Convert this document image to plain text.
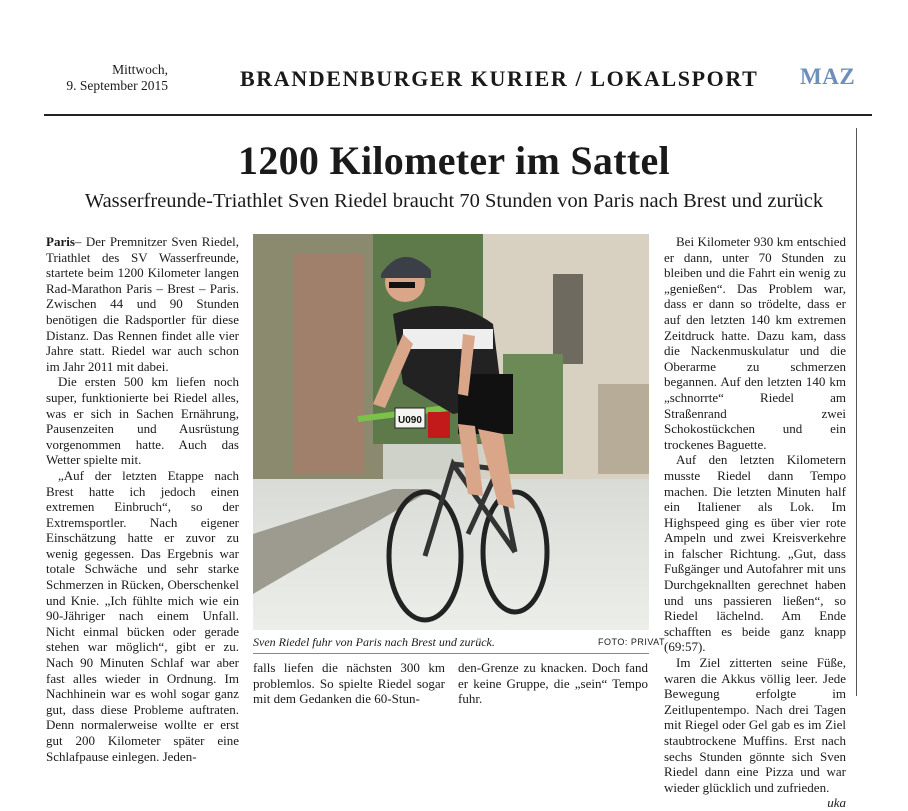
Mittwoch,
9. September 2015	BRANDENBURGER KURIER / LOKALSPORT MAZ
1200 Kilometer im Sattel
Wasserfreunde-Triathlet Sven Riedel braucht 70 Stunden von Paris nach Brest und zurück

Paris– Der Premnitzer Sven Riedel, Triathlet des SV Wasserfreunde, startete beim 1200 Kilometer langen Rad-Marathon Paris – Brest – Paris. Zwischen 44 und 90 Stunden benötigen die Radsportler für diese Distanz. Das Rennen findet alle vier Jahre statt. Riedel war auch schon im Jahr 2011 mit dabei.

Die ersten 500 km liefen noch super, funktionierte bei Riedel alles, was er sich in Sachen Ernährung, Pausenzeiten und Ausrüstung vorgenommen hatte. Auch das Wetter spielte mit.

„Auf der letzten Etappe nach Brest hatte ich jedoch einen extremen Einbruch“, so der Extremsportler. Nach eigener Einschätzung hatte er zuvor zu wenig gegessen. Das Ergebnis war totale Schwäche und sehr starke Schmerzen in Rücken, Oberschenkel und Knie. „Ich fühlte mich wie ein 90-Jähriger nach einem Unfall. Nicht einmal bücken oder gerade stehen war möglich“, gibt er zu. Nach 90 Minuten Schlaf war aber fast alles wieder in Ordnung. Im Nachhinein war es wohl sogar ganz gut, dass diese Probleme auftraten. Denn normalerweise wollte er erst gut 200 Kilometer später eine Schlafpause einlegen. Jeden-

U090
Sven Riedel fuhr von Paris nach Brest und zurück.	FOTO: PRIVAT

falls liefen die nächsten 300 km problemlos. So spielte Riedel sogar mit dem Gedanken die 60-Stun-

den-Grenze zu knacken. Doch fand er keine Gruppe, die „sein“ Tempo fuhr.

Bei Kilometer 930 km entschied er dann, unter 70 Stunden zu bleiben und die Fahrt ein wenig zu „genießen“. Das Problem war, dass er dann so trödelte, dass er auf den letzten 140 km extremen Zeitdruck hatte. Dazu kam, dass die Nackenmuskulatur und die Oberarme zu schmerzen begannen. Auf den letzten 140 km „schnorrte“ Riedel am Straßenrand zwei Schokostückchen und ein trockenes Baguette.

Auf den letzten Kilometern musste Riedel dann Tempo machen. Die letzten Minuten half ein Italiener als Lok. Im Highspeed ging es über vier rote Ampeln und zwei Kreisverkehre in falscher Richtung. „Gut, dass Fußgänger und Autofahrer mit uns Durchgeknallten gerechnet haben und uns passieren ließen“, so Riedel lächelnd. Am Ende schafften es beide ganz knapp (69:57).

Im Ziel zitterten seine Füße, waren die Akkus völlig leer. Jede Bewegung erfolgte im Zeitlupentempo. Nach drei Tagen mit Riegel oder Gel gab es im Ziel staubtrockene Muffins. Erst nach sechs Stunden gönnte sich Sven Riedel dann eine Pizza und war wieder glücklich und zufrieden.
uka
